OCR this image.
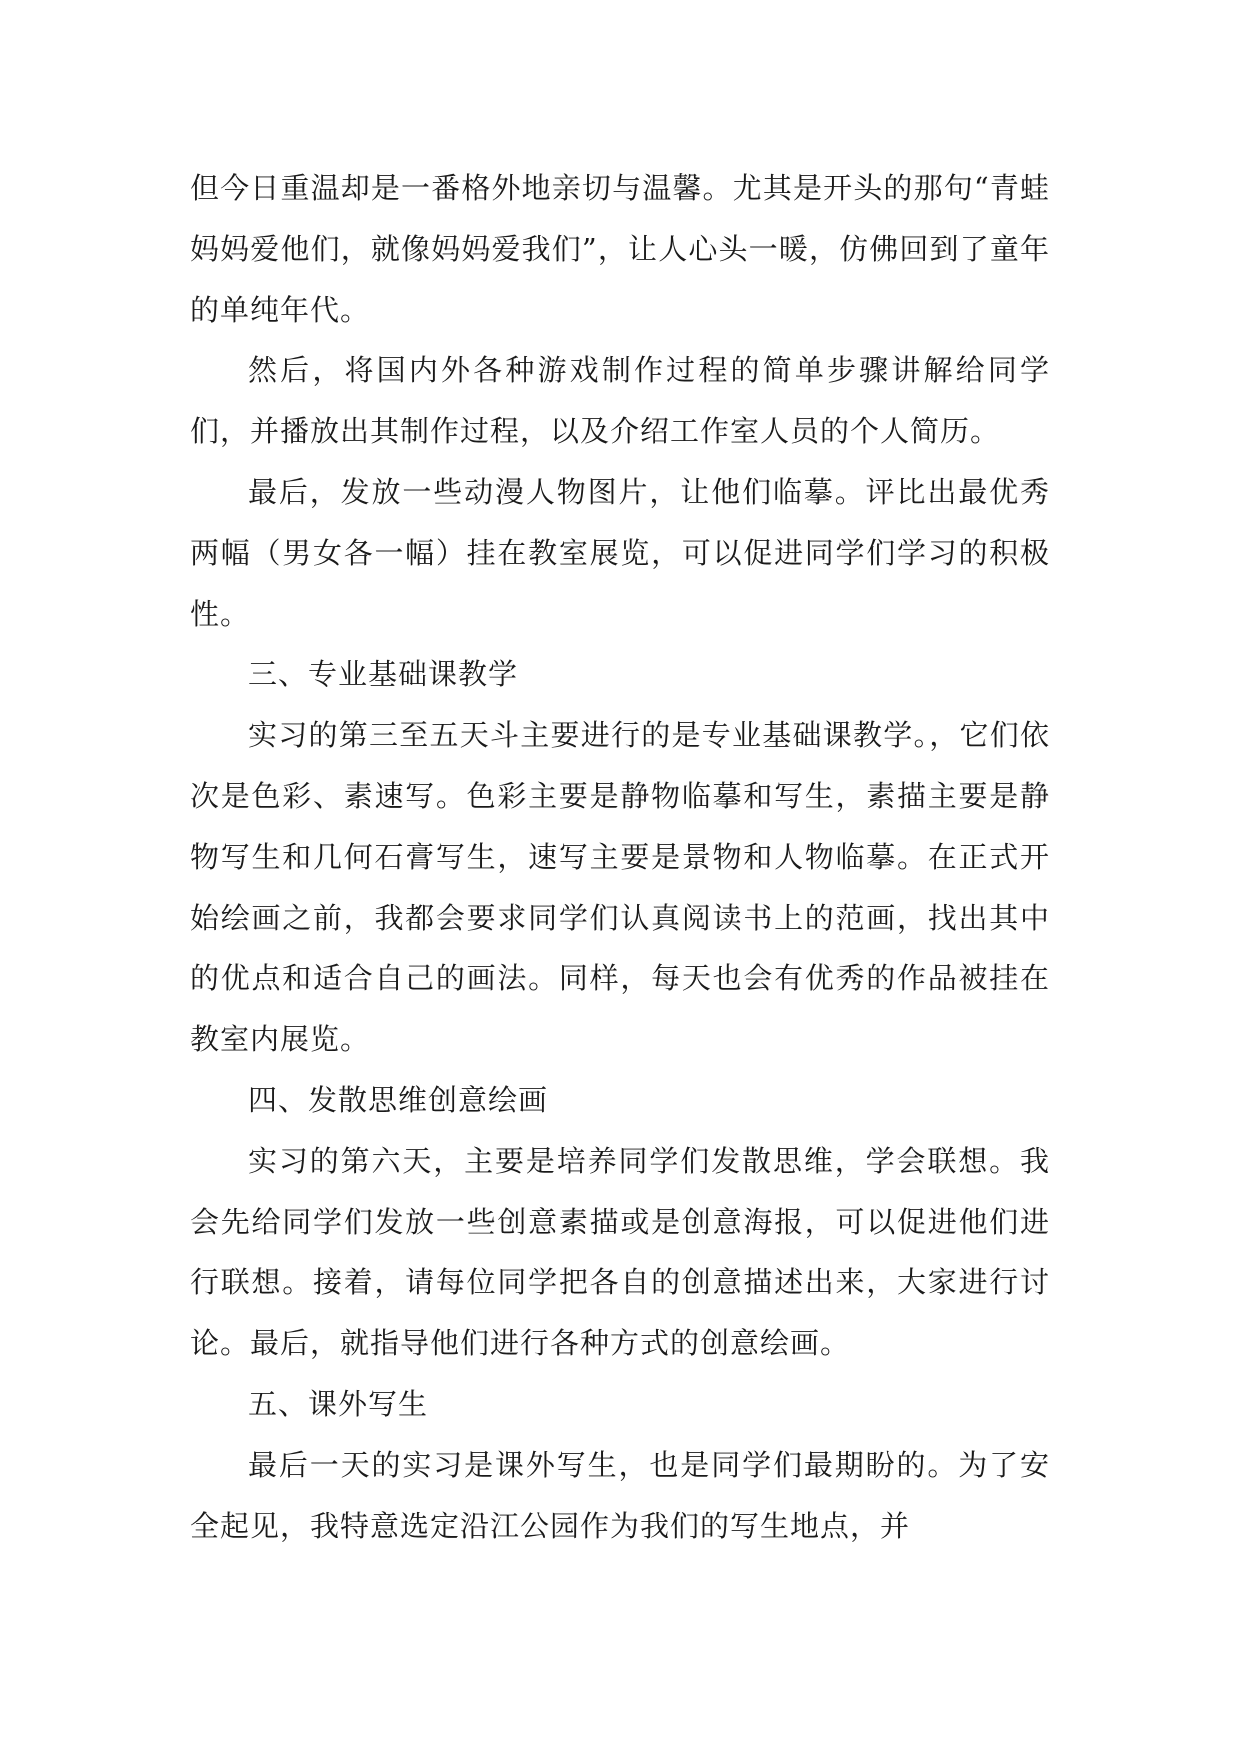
但今日重温却是一番格外地亲切与温馨。尤其是开头的那句“青蛙妈妈爱他们，就像妈妈爱我们”，让人心头一暖，仿佛回到了童年的单纯年代。

然后，将国内外各种游戏制作过程的简单步骤讲解给同学们，并播放出其制作过程，以及介绍工作室人员的个人简历。

最后，发放一些动漫人物图片，让他们临摹。评比出最优秀两幅（男女各一幅）挂在教室展览，可以促进同学们学习的积极性。

三、专业基础课教学

实习的第三至五天斗主要进行的是专业基础课教学。，它们依次是色彩、素速写。色彩主要是静物临摹和写生，素描主要是静物写生和几何石膏写生，速写主要是景物和人物临摹。在正式开始绘画之前，我都会要求同学们认真阅读书上的范画，找出其中的优点和适合自己的画法。同样，每天也会有优秀的作品被挂在教室内展览。

四、发散思维创意绘画

实习的第六天，主要是培养同学们发散思维，学会联想。我会先给同学们发放一些创意素描或是创意海报，可以促进他们进行联想。接着，请每位同学把各自的创意描述出来，大家进行讨论。最后，就指导他们进行各种方式的创意绘画。

五、课外写生

最后一天的实习是课外写生，也是同学们最期盼的。为了安全起见，我特意选定沿江公园作为我们的写生地点，并
